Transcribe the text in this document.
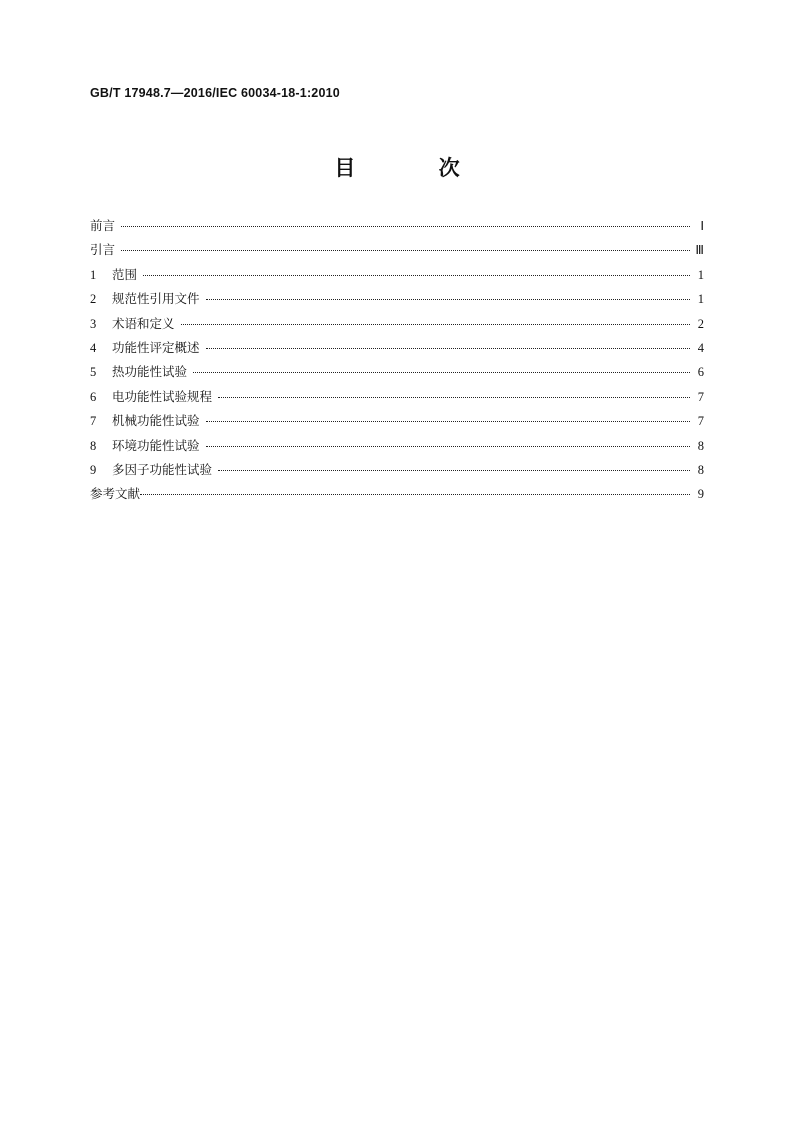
GB/T 17948.7—2016/IEC 60034-18-1:2010
目 次
前言	Ⅰ
引言	Ⅲ
1	范围	1
2	规范性引用文件	1
3	术语和定义	2
4	功能性评定概述	4
5	热功能性试验	6
6	电功能性试验规程	7
7	机械功能性试验	7
8	环境功能性试验	8
9	多因子功能性试验	8
参考文献	9
